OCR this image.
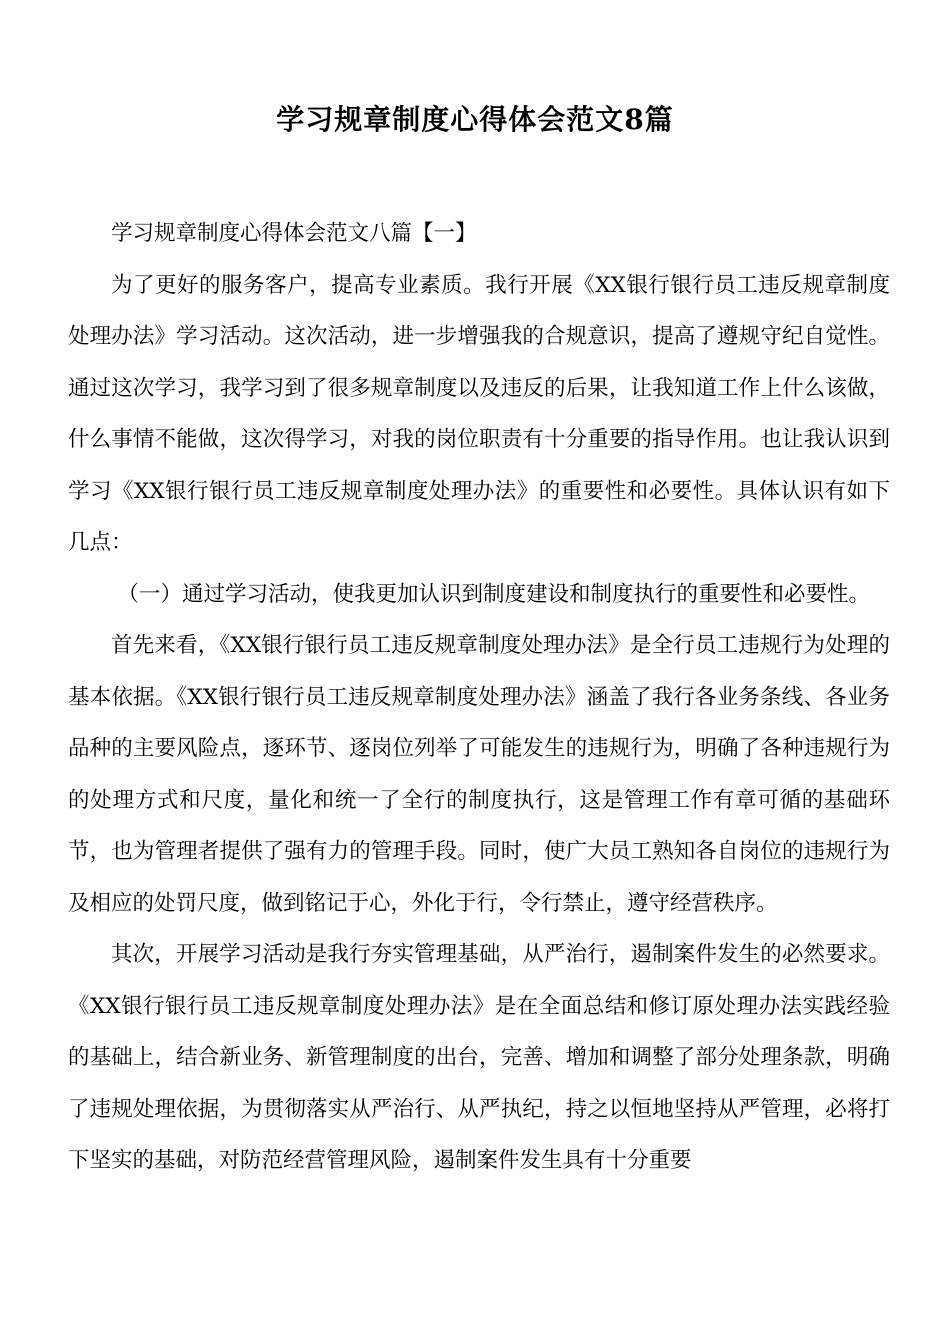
学习规章制度心得体会范文8篇

学习规章制度心得体会范文八篇【一】

为了更好的服务客户，提高专业素质。我行开展《XX银行银行员工违反规章制度处理办法》学习活动。这次活动，进一步增强我的合规意识，提高了遵规守纪自觉性。通过这次学习，我学习到了很多规章制度以及违反的后果，让我知道工作上什么该做，什么事情不能做，这次得学习，对我的岗位职责有十分重要的指导作用。也让我认识到学习《XX银行银行员工违反规章制度处理办法》的重要性和必要性。具体认识有如下几点：

（一）通过学习活动，使我更加认识到制度建设和制度执行的重要性和必要性。

首先来看，《XX银行银行员工违反规章制度处理办法》是全行员工违规行为处理的基本依据。《XX银行银行员工违反规章制度处理办法》涵盖了我行各业务条线、各业务品种的主要风险点，逐环节、逐岗位列举了可能发生的违规行为，明确了各种违规行为的处理方式和尺度，量化和统一了全行的制度执行，这是管理工作有章可循的基础环节，也为管理者提供了强有力的管理手段。同时，使广大员工熟知各自岗位的违规行为及相应的处罚尺度，做到铭记于心，外化于行，令行禁止，遵守经营秩序。

其次，开展学习活动是我行夯实管理基础，从严治行，遏制案件发生的必然要求。《XX银行银行员工违反规章制度处理办法》是在全面总结和修订原处理办法实践经验的基础上，结合新业务、新管理制度的出台，完善、增加和调整了部分处理条款，明确了违规处理依据，为贯彻落实从严治行、从严执纪，持之以恒地坚持从严管理，必将打下坚实的基础，对防范经营管理风险，遏制案件发生具有十分重要
